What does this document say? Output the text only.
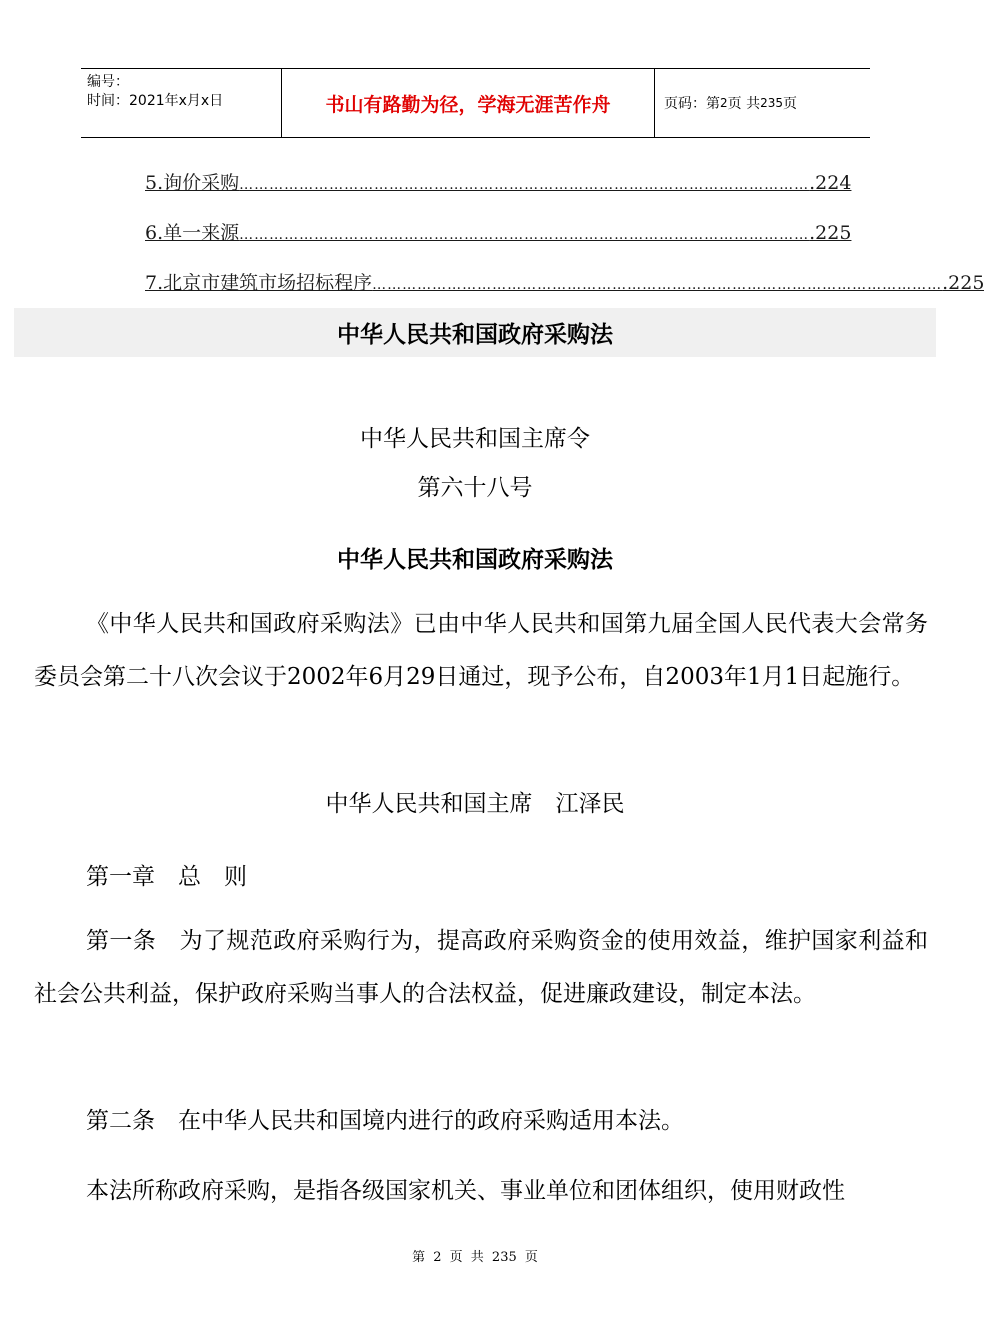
编号：
时间：2021年x月x日	书山有路勤为径，学海无涯苦作舟	页码：第 2 页 共 235 页
5.询价采购 …………………………………………………………………………………………………… .224
6.单一来源 …………………………………………………………………………………………………… .225
7.北京市建筑市场招标程序 …………………………………………………………………………………………………… .225
中华人民共和国政府采购法
中华人民共和国主席令
第六十八号
中华人民共和国政府采购法
《中华人民共和国政府采购法》已由中华人民共和国第九届全国人民代表大会常务委员会第二十八次会议于2002年6月29日通过，现予公布，自2003年1月1日起施行。
中华人民共和国主席　江泽民
第一章　总　则
第一条　为了规范政府采购行为，提高政府采购资金的使用效益，维护国家利益和社会公共利益，保护政府采购当事人的合法权益，促进廉政建设，制定本法。
第二条　在中华人民共和国境内进行的政府采购适用本法。
本法所称政府采购，是指各级国家机关、事业单位和团体组织，使用财政性
第 2 页 共 235 页
